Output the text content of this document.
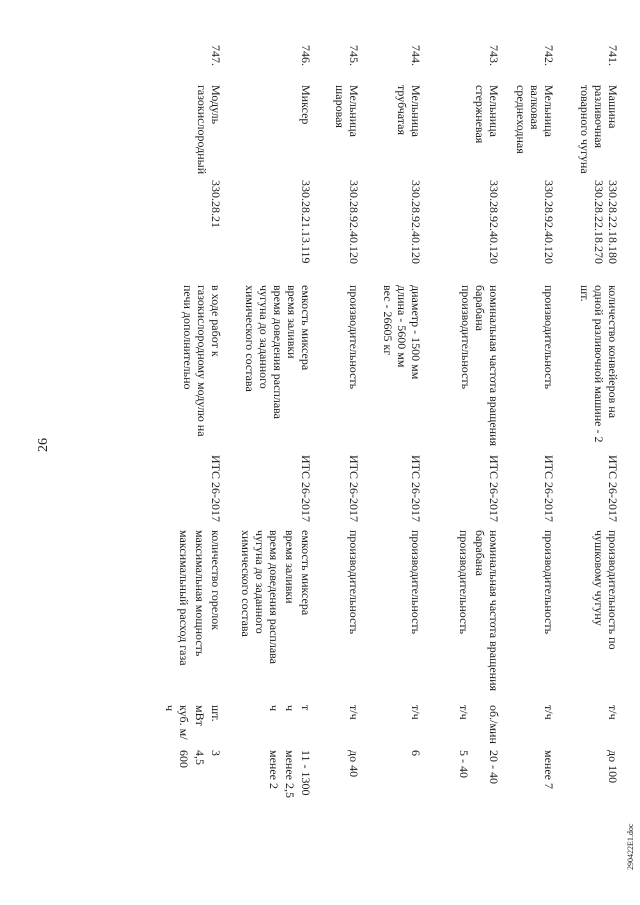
26
290422E1.doc
741.
Машина разливочная товарного чугуна
330.28.22.18.180
330.28.22.18.270
количество конвейеров на одной разливочной машине - 2 шт.
ИТС 26-2017
производительность по чушковому чугуну
т/ч
до 100
742.
Мельница валковая среднеходная
330.28.92.40.120
производительность
ИТС 26-2017
производительность
т/ч
менее 7
743.
Мельница стержневая
330.28.92.40.120
номинальная частота вращения барабана
производительность
ИТС 26-2017
номинальная частота вращения барабана
об./мин
20 - 40
производительность
т/ч
5 - 40
744.
Мельница трубчатая
330.28.92.40.120
диаметр - 1500 мм
длина - 5600 мм
вес - 26605 кг
ИТС 26-2017
производительность
т/ч
6
745.
Мельница шаровая
330.28.92.40.120
производительность
ИТС 26-2017
производительность
т/ч
до 40
746.
Миксер
330.28.21.13.119
емкость миксера
время заливки
время доведения расплава чугуна до заданного химического состава
ИТС 26-2017
емкость миксера
т
11 - 1300
время заливки
ч
менее 2,5
время доведения расплава чугуна до заданного химического состава
ч
менее 2
747.
Модуль газокислородный
330.28.21
в ходе работ к газокислородному модулю на печи дополнительно
ИТС 26-2017
количество горелок
шт.
3
максимальная мощность
мВт
4,5
максимальный расход газа
куб. м/ч
600
